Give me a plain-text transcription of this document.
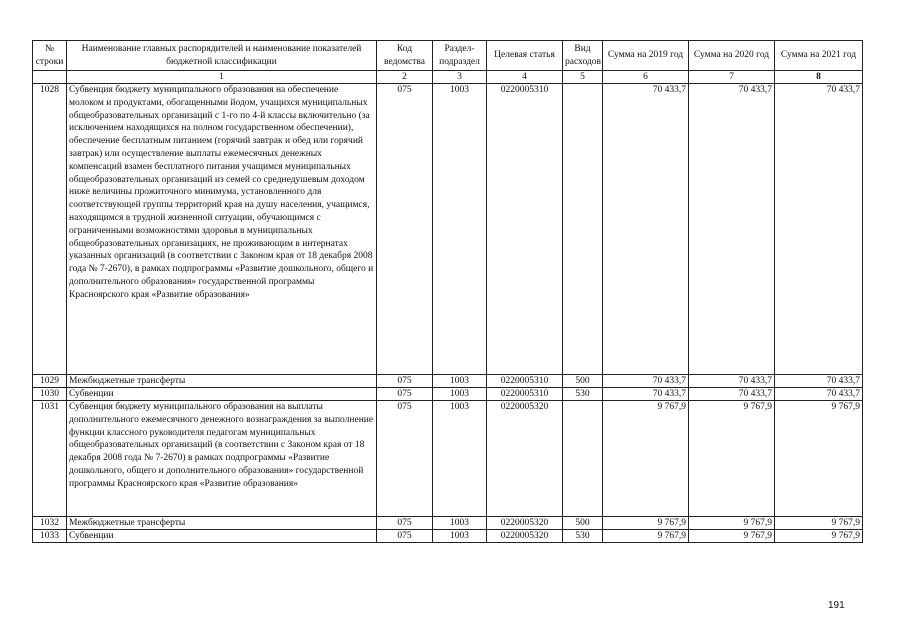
№ строки	Наименование главных распорядителей и наименование показателей бюджетной классификации	Код ведомства	Раздел-подраздел	Целевая статья	Вид расходов	Сумма на 2019 год	Сумма на 2020 год	Сумма на 2021 год
	1	2	3	4	5	6	7	8
1028	Субвенция бюджету муниципального образования на обеспечение молоком и продуктами, обогащенными йодом, учащихся муниципальных общеобразовательных организаций с 1-го по 4-й классы включительно (за исключением находящихся на полном государственном обеспечении), обеспечение бесплатным питанием (горячий завтрак и обед или горячий завтрак) или осуществление выплаты ежемесячных денежных компенсаций взамен бесплатного питания учащимся муниципальных общеобразовательных организаций из семей со среднедушевым доходом ниже величины прожиточного минимума, установленного для соответствующей группы территорий края на душу населения, учащимся, находящимся в трудной жизненной ситуации, обучающимся с ограниченными возможностями здоровья в муниципальных общеобразовательных организациях, не проживающим в интернатах указанных организаций (в соответствии с Законом края от 18 декабря 2008 года № 7-2670), в рамках подпрограммы «Развитие дошкольного, общего и дополнительного образования» государственной программы Красноярского края «Развитие образования»	075	1003	0220005310		70 433,7	70 433,7	70 433,7
1029	Межбюджетные трансферты	075	1003	0220005310	500	70 433,7	70 433,7	70 433,7
1030	Субвенции	075	1003	0220005310	530	70 433,7	70 433,7	70 433,7
1031	Субвенция бюджету муниципального образования на выплаты дополнительного ежемесячного денежного вознаграждения за выполнение функции классного руководителя педагогам муниципальных общеобразовательных организаций (в соответствии с Законом края от 18 декабря 2008 года № 7-2670) в рамках подпрограммы «Развитие дошкольного, общего и дополнительного образования» государственной программы Красноярского края «Развитие образования»	075	1003	0220005320		9 767,9	9 767,9	9 767,9
1032	Межбюджетные трансферты	075	1003	0220005320	500	9 767,9	9 767,9	9 767,9
1033	Субвенции	075	1003	0220005320	530	9 767,9	9 767,9	9 767,9
191
